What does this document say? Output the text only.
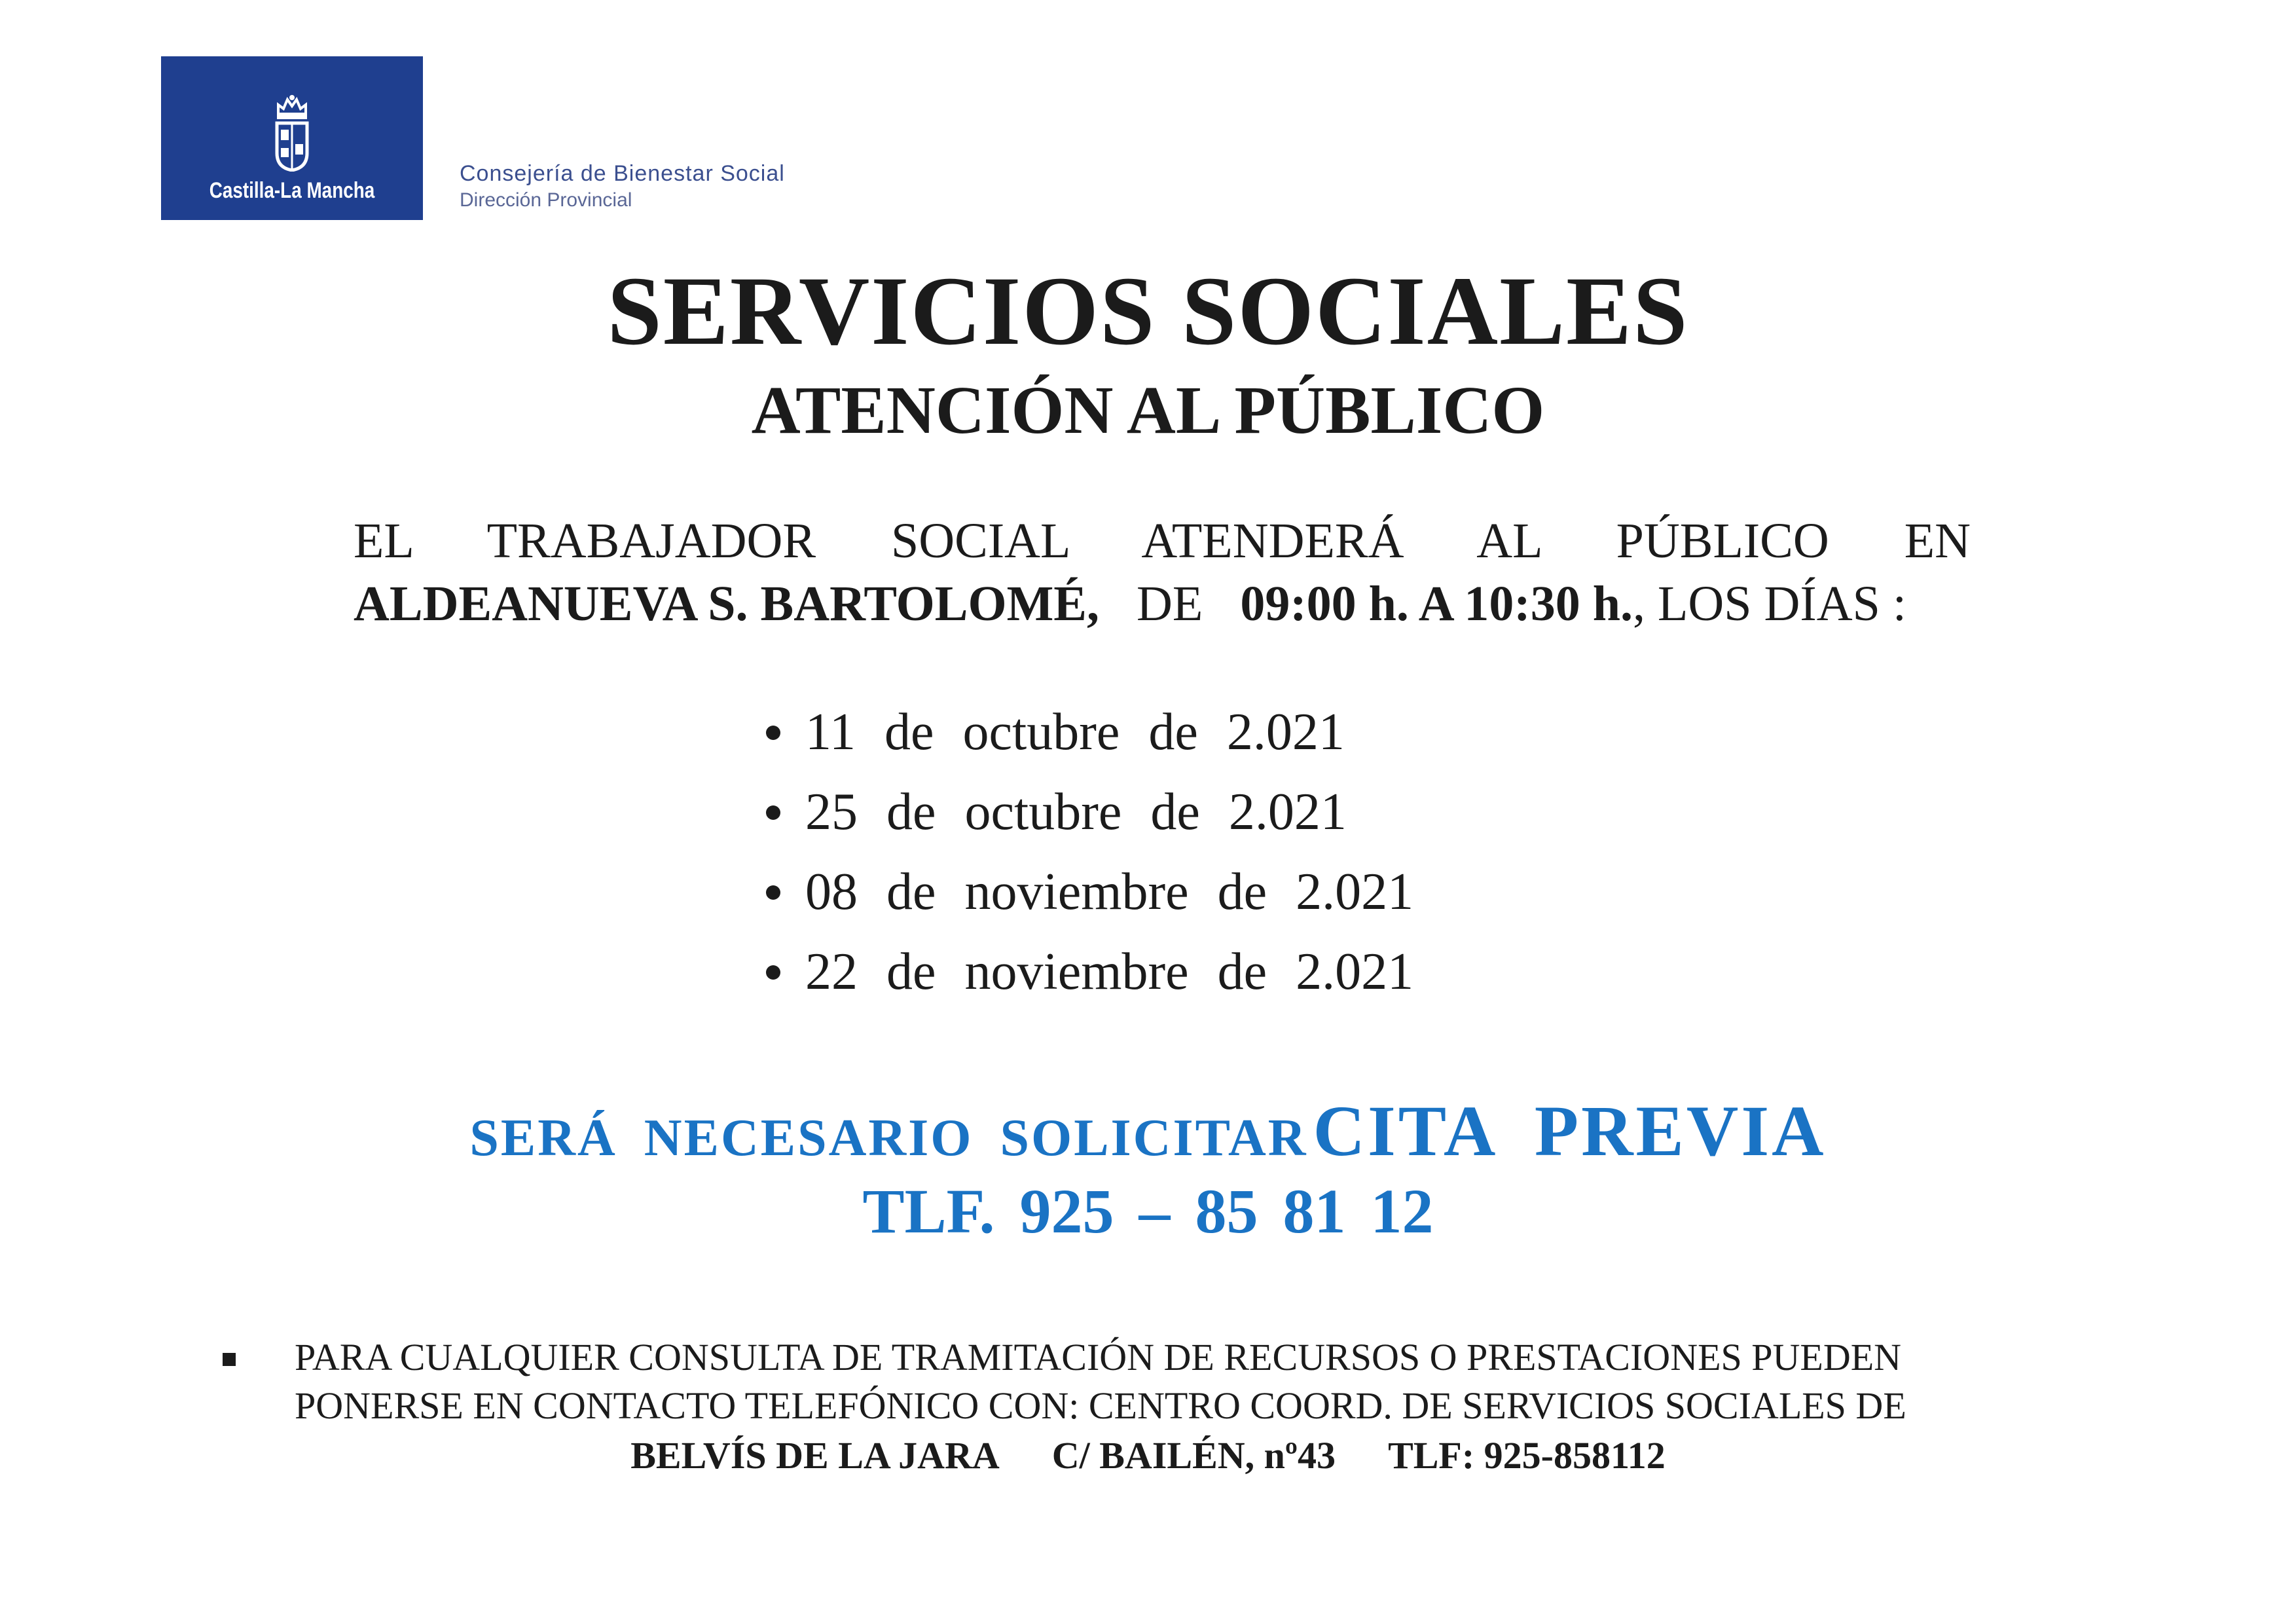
Castilla-La Mancha
Consejería de Bienestar Social
Dirección Provincial
SERVICIOS SOCIALES
ATENCIÓN AL PÚBLICO
EL TRABAJADOR SOCIAL ATENDERÁ AL PÚBLICO EN
ALDEANUEVA S. BARTOLOMÉ, DE 09:00 h. A 10:30 h., LOS DÍAS :
11 de octubre de 2.021
25 de octubre de 2.021
08 de noviembre de 2.021
22 de noviembre de 2.021
SERÁ NECESARIO SOLICITAR  CITA PREVIA
TLF. 925 – 85 81 12
PARA CUALQUIER CONSULTA DE TRAMITACIÓN DE RECURSOS O PRESTACIONES PUEDEN
PONERSE EN CONTACTO TELEFÓNICO CON: CENTRO COORD. DE SERVICIOS SOCIALES DE
BELVÍS DE LA JARA C/ BAILÉN, nº43 TLF: 925-858112
